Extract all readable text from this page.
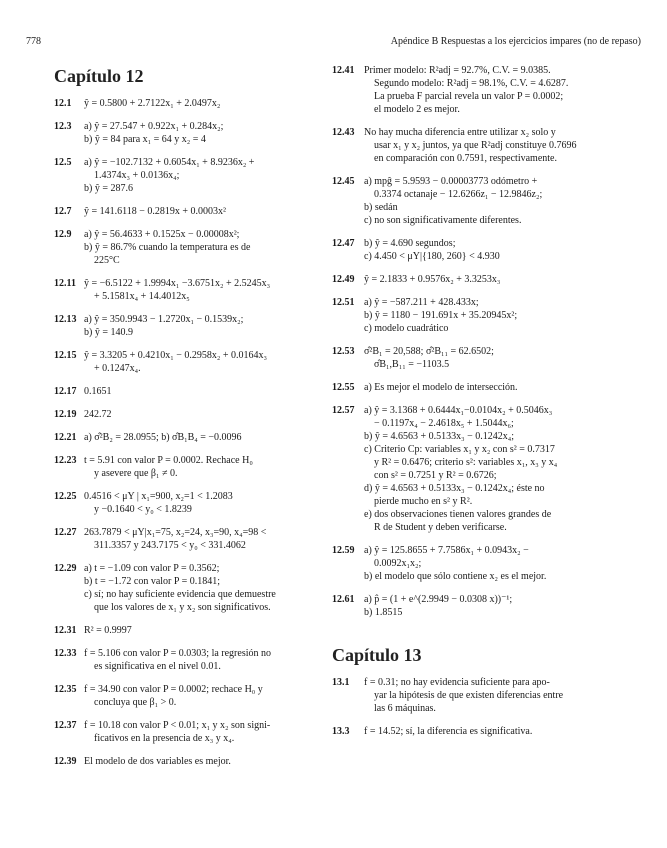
778	Apéndice B Respuestas a los ejercicios impares (no de repaso)
Capítulo 12
12.1	ŷ = 0.5800 + 2.7122x₁ + 2.0497x₂
12.3	a) ŷ = 27.547 + 0.922x₁ + 0.284x₂;
b) ŷ = 84 para x₁ = 64 y x₂ = 4
12.5	a) ŷ = −102.7132 + 0.6054x₁ + 8.9236x₂ +
1.4374x₃ + 0.0136x₄;
b) ŷ = 287.6
12.7	ŷ = 141.6118 − 0.2819x + 0.0003x²
12.9	a) ŷ = 56.4633 + 0.1525x − 0.00008x²;
b) ŷ = 86.7% cuando la temperatura es de
225°C
12.11 ŷ = −6.5122 + 1.9994x₁ −3.6751x₂ + 2.5245x₃
+ 5.1581x₄ + 14.4012x₅
12.13 a) ŷ = 350.9943 − 1.2720x₁ − 0.1539x₂;
b) ŷ = 140.9
12.15 ŷ = 3.3205 + 0.4210x₁ − 0.2958x₂ + 0.0164x₃
+ 0.1247x₄.
12.17 0.1651
12.19 242.72
12.21 a) σ̂²B₂ = 28.0955; b) σ̂B₁B₄ = −0.0096
12.23 t = 5.91 con valor P = 0.0002. Rechace H₀
y asevere que β₁ ≠ 0.
12.25 0.4516 < μY | x₁=900, x₂=1 < 1.2083
y −0.1640 < y₀ < 1.8239
12.27 263.7879 < μY|x₁=75, x₂=24, x₃=90, x₄=98 <
311.3357 y 243.7175 < y₀ < 331.4062
12.29 a) t = −1.09 con valor P = 0.3562;
b) t = −1.72 con valor P = 0.1841;
c) sí; no hay suficiente evidencia que demuestre
que los valores de x₁ y x₂ son significativos.
12.31 R² = 0.9997
12.33 f = 5.106 con valor P = 0.0303; la regresión no
es significativa en el nivel 0.01.
12.35 f = 34.90 con valor P = 0.0002; rechace H₀ y
concluya que β₁ > 0.
12.37 f = 10.18 con valor P < 0.01; x₁ y x₂ son signi-
ficativos en la presencia de x₃ y x₄.
12.39 El modelo de dos variables es mejor.
12.41 Primer modelo: R²adj = 92.7%, C.V. = 9.0385.
Segundo modelo: R²adj = 98.1%, C.V. = 4.6287.
La prueba F parcial revela un valor P = 0.0002;
el modelo 2 es mejor.
12.43 No hay mucha diferencia entre utilizar x₂ solo y
usar x₁ y x₂ juntos, ya que R²adj constituye 0.7696
en comparación con 0.7591, respectivamente.
12.45 a) mpĝ = 5.9593 − 0.00003773 odómetro +
0.3374 octanaje − 12.6266z₁ − 12.9846z₂;
b) sedán
c) no son significativamente diferentes.
12.47 b) ŷ = 4.690 segundos;
c) 4.450 < μY|{180, 260} < 4.930
12.49 ŷ = 2.1833 + 0.9576x₂ + 3.3253x₃
12.51 a) ŷ = −587.211 + 428.433x;
b) ŷ = 1180 − 191.691x + 35.20945x²;
c) modelo cuadrático
12.53 σ̂²B₁ = 20,588; σ̂²B₁₁ = 62.6502;
σ̂B₁,B₁₁ = −1103.5
12.55 a) Es mejor el modelo de intersección.
12.57 a) ŷ = 3.1368 + 0.6444x₁−0.0104x₂ + 0.5046x₃
− 0.1197x₄ − 2.4618x₅ + 1.5044x₆;
b) ŷ = 4.6563 + 0.5133x₃ − 0.1242x₄;
c) Criterio Cp: variables x₁ y x₂ con s² = 0.7317
y R² = 0.6476; criterio s²: variables x₁, x₃ y x₄
con s² = 0.7251 y R² = 0.6726;
d) ŷ = 4.6563 + 0.5133x₃ − 0.1242x₄; éste no
pierde mucho en s² y R².
e) dos observaciones tienen valores grandes de
R de Student y deben verificarse.
12.59 a) ŷ = 125.8655 + 7.7586x₁ + 0.0943x₂ −
0.0092x₁x₂;
b) el modelo que sólo contiene x₂ es el mejor.
12.61 a) p̂ = (1 + e^(2.9949 − 0.0308 x))⁻¹;
b) 1.8515
Capítulo 13
13.1	f = 0.31; no hay evidencia suficiente para apo-
yar la hipótesis de que existen diferencias entre
las 6 máquinas.
13.3	f = 14.52; sí, la diferencia es significativa.
